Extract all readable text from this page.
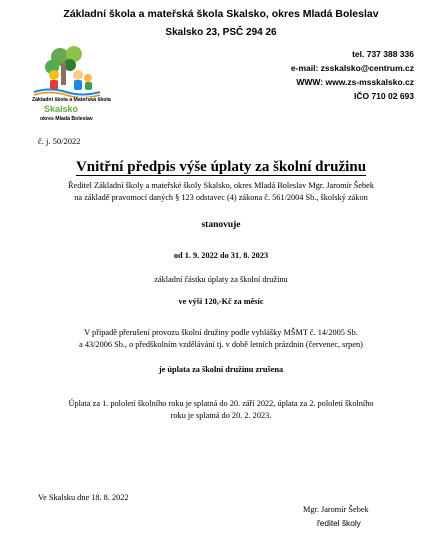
Základní škola a mateřská škola Skalsko, okres Mladá Boleslav
Skalsko 23, PSČ 294 26
Základní škola a Mateřská škola
Skalsko
okres Mladá Boleslav
tel. 737 388 336
e-mail: zsskalsko@centrum.cz
WWW: www.zs-msskalsko.cz
IČO 710 02 693
č. j. 50/2022
Vnitřní předpis výše úplaty za školní družinu
Ředitel Základní školy a mateřské školy Skalsko, okres Mladá Boleslav Mgr. Jaromír Šebek
na základě pravomocí daných § 123 odstavec (4) zákona č. 561/2004 Sb., školský zákon
stanovuje
od 1. 9. 2022 do 31. 8. 2023
základní částku úplaty za školní družinu
ve výši 120,-Kč za měsíc
V případě přerušení provozu školní družiny podle vyhlášky MŠMT č. 14/2005 Sb.
a 43/2006 Sb., o předškolním vzdělávání tj. v době letních prázdnin (červenec, srpen)
je úplata za školní družinu zrušena
Úplata za 1. pololetí školního roku je splatná do 20. září 2022, úplata za 2. pololetí školního
roku je splatná do 20. 2. 2023.
Ve Skalsku dne 18. 8. 2022
Mgr. Jaromír Šebek
ředitel školy
